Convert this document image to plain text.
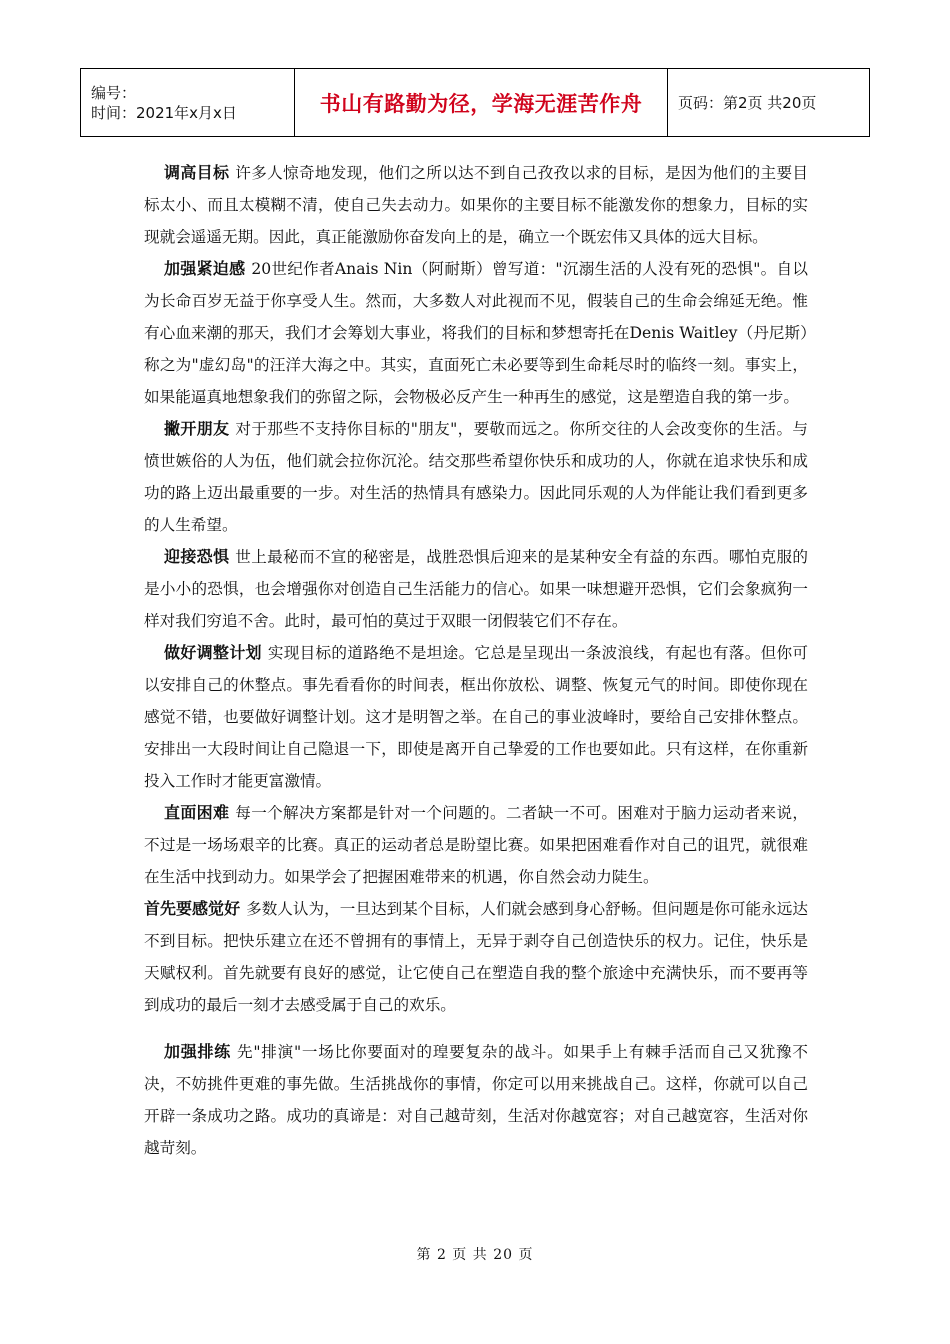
编号：
时间：2021年x月x日	书山有路勤为径，学海无涯苦作舟	页码：第2页 共20页

调高目标 许多人惊奇地发现，他们之所以达不到自己孜孜以求的目标，是因为他们的主要目标太小、而且太模糊不清，使自己失去动力。如果你的主要目标不能激发你的想象力，目标的实现就会遥遥无期。因此，真正能激励你奋发向上的是，确立一个既宏伟又具体的远大目标。

加强紧迫感 20世纪作者Anais Nin（阿耐斯）曾写道："沉溺生活的人没有死的恐惧"。自以为长命百岁无益于你享受人生。然而，大多数人对此视而不见，假装自己的生命会绵延无绝。惟有心血来潮的那天，我们才会筹划大事业，将我们的目标和梦想寄托在Denis Waitley（丹尼斯）称之为"虚幻岛"的汪洋大海之中。其实，直面死亡未必要等到生命耗尽时的临终一刻。事实上，如果能逼真地想象我们的弥留之际，会物极必反产生一种再生的感觉，这是塑造自我的第一步。

撇开朋友 对于那些不支持你目标的"朋友"，要敬而远之。你所交往的人会改变你的生活。与愤世嫉俗的人为伍，他们就会拉你沉沦。结交那些希望你快乐和成功的人，你就在追求快乐和成功的路上迈出最重要的一步。对生活的热情具有感染力。因此同乐观的人为伴能让我们看到更多的人生希望。

迎接恐惧 世上最秘而不宣的秘密是，战胜恐惧后迎来的是某种安全有益的东西。哪怕克服的是小小的恐惧，也会增强你对创造自己生活能力的信心。如果一味想避开恐惧，它们会象疯狗一样对我们穷追不舍。此时，最可怕的莫过于双眼一闭假装它们不存在。

做好调整计划 实现目标的道路绝不是坦途。它总是呈现出一条波浪线，有起也有落。但你可以安排自己的休整点。事先看看你的时间表，框出你放松、调整、恢复元气的时间。即使你现在感觉不错，也要做好调整计划。这才是明智之举。在自己的事业波峰时，要给自己安排休整点。安排出一大段时间让自己隐退一下，即使是离开自己挚爱的工作也要如此。只有这样，在你重新投入工作时才能更富激情。

直面困难 每一个解决方案都是针对一个问题的。二者缺一不可。困难对于脑力运动者来说，不过是一场场艰辛的比赛。真正的运动者总是盼望比赛。如果把困难看作对自己的诅咒，就很难在生活中找到动力。如果学会了把握困难带来的机遇，你自然会动力陡生。

首先要感觉好 多数人认为，一旦达到某个目标，人们就会感到身心舒畅。但问题是你可能永远达不到目标。把快乐建立在还不曾拥有的事情上，无异于剥夺自己创造快乐的权力。记住，快乐是天赋权利。首先就要有良好的感觉，让它使自己在塑造自我的整个旅途中充满快乐，而不要再等到成功的最后一刻才去感受属于自己的欢乐。

加强排练 先"排演"一场比你要面对的瑝要复杂的战斗。如果手上有棘手活而自己又犹豫不决，不妨挑件更难的事先做。生活挑战你的事情，你定可以用来挑战自己。这样，你就可以自己开辟一条成功之路。成功的真谛是：对自己越苛刻，生活对你越宽容；对自己越宽容，生活对你越苛刻。

第 2 页 共 20 页
